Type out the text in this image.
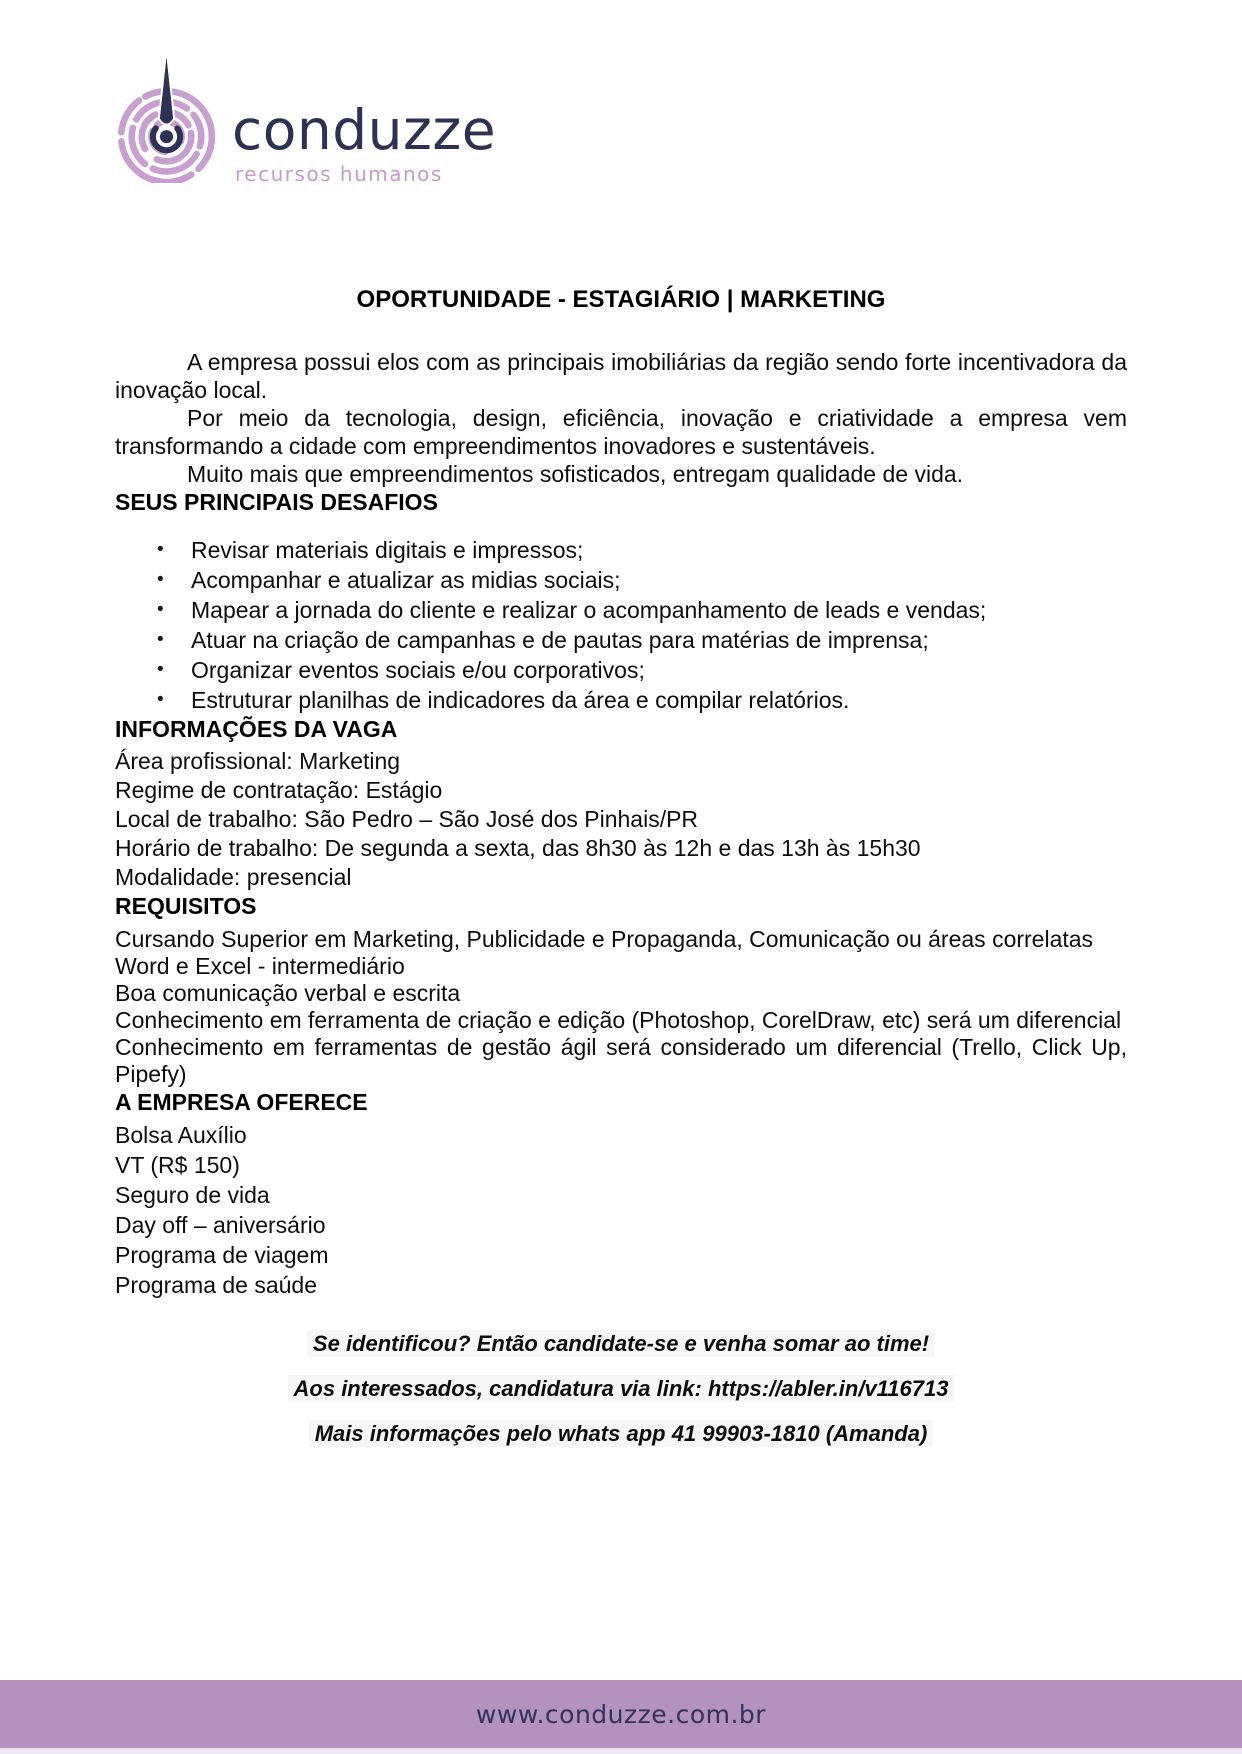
conduzze
recursos humanos
OPORTUNIDADE - ESTAGIÁRIO | MARKETING

A empresa possui elos com as principais imobiliárias da região sendo forte incentivadora da inovação local.

Por meio da tecnologia, design, eficiência, inovação e criatividade a empresa vem transformando a cidade com empreendimentos inovadores e sustentáveis.

Muito mais que empreendimentos sofisticados, entregam qualidade de vida.

SEUS PRINCIPAIS DESAFIOS
• Revisar materiais digitais e impressos;
• Acompanhar e atualizar as midias sociais;
• Mapear a jornada do cliente e realizar o acompanhamento de leads e vendas;
• Atuar na criação de campanhas e de pautas para matérias de imprensa;
• Organizar eventos sociais e/ou corporativos;
• Estruturar planilhas de indicadores da área e compilar relatórios.
INFORMAÇÕES DA VAGA
Área profissional: Marketing
Regime de contratação: Estágio
Local de trabalho: São Pedro – São José dos Pinhais/PR
Horário de trabalho: De segunda a sexta, das 8h30 às 12h e das 13h às 15h30
Modalidade: presencial
REQUISITOS
Cursando Superior em Marketing, Publicidade e Propaganda, Comunicação ou áreas correlatas
Word e Excel - intermediário
Boa comunicação verbal e escrita
Conhecimento em ferramenta de criação e edição (Photoshop, CorelDraw, etc) será um diferencial
Conhecimento em ferramentas de gestão ágil será considerado um diferencial (Trello, Click Up, Pipefy)
A EMPRESA OFERECE
Bolsa Auxílio
VT (R$ 150)
Seguro de vida
Day off – aniversário
Programa de viagem
Programa de saúde

Se identificou? Então candidate-se e venha somar ao time!

Aos interessados, candidatura via link: https://abler.in/v116713

Mais informações pelo whats app 41 99903-1810 (Amanda)

www.conduzze.com.br
